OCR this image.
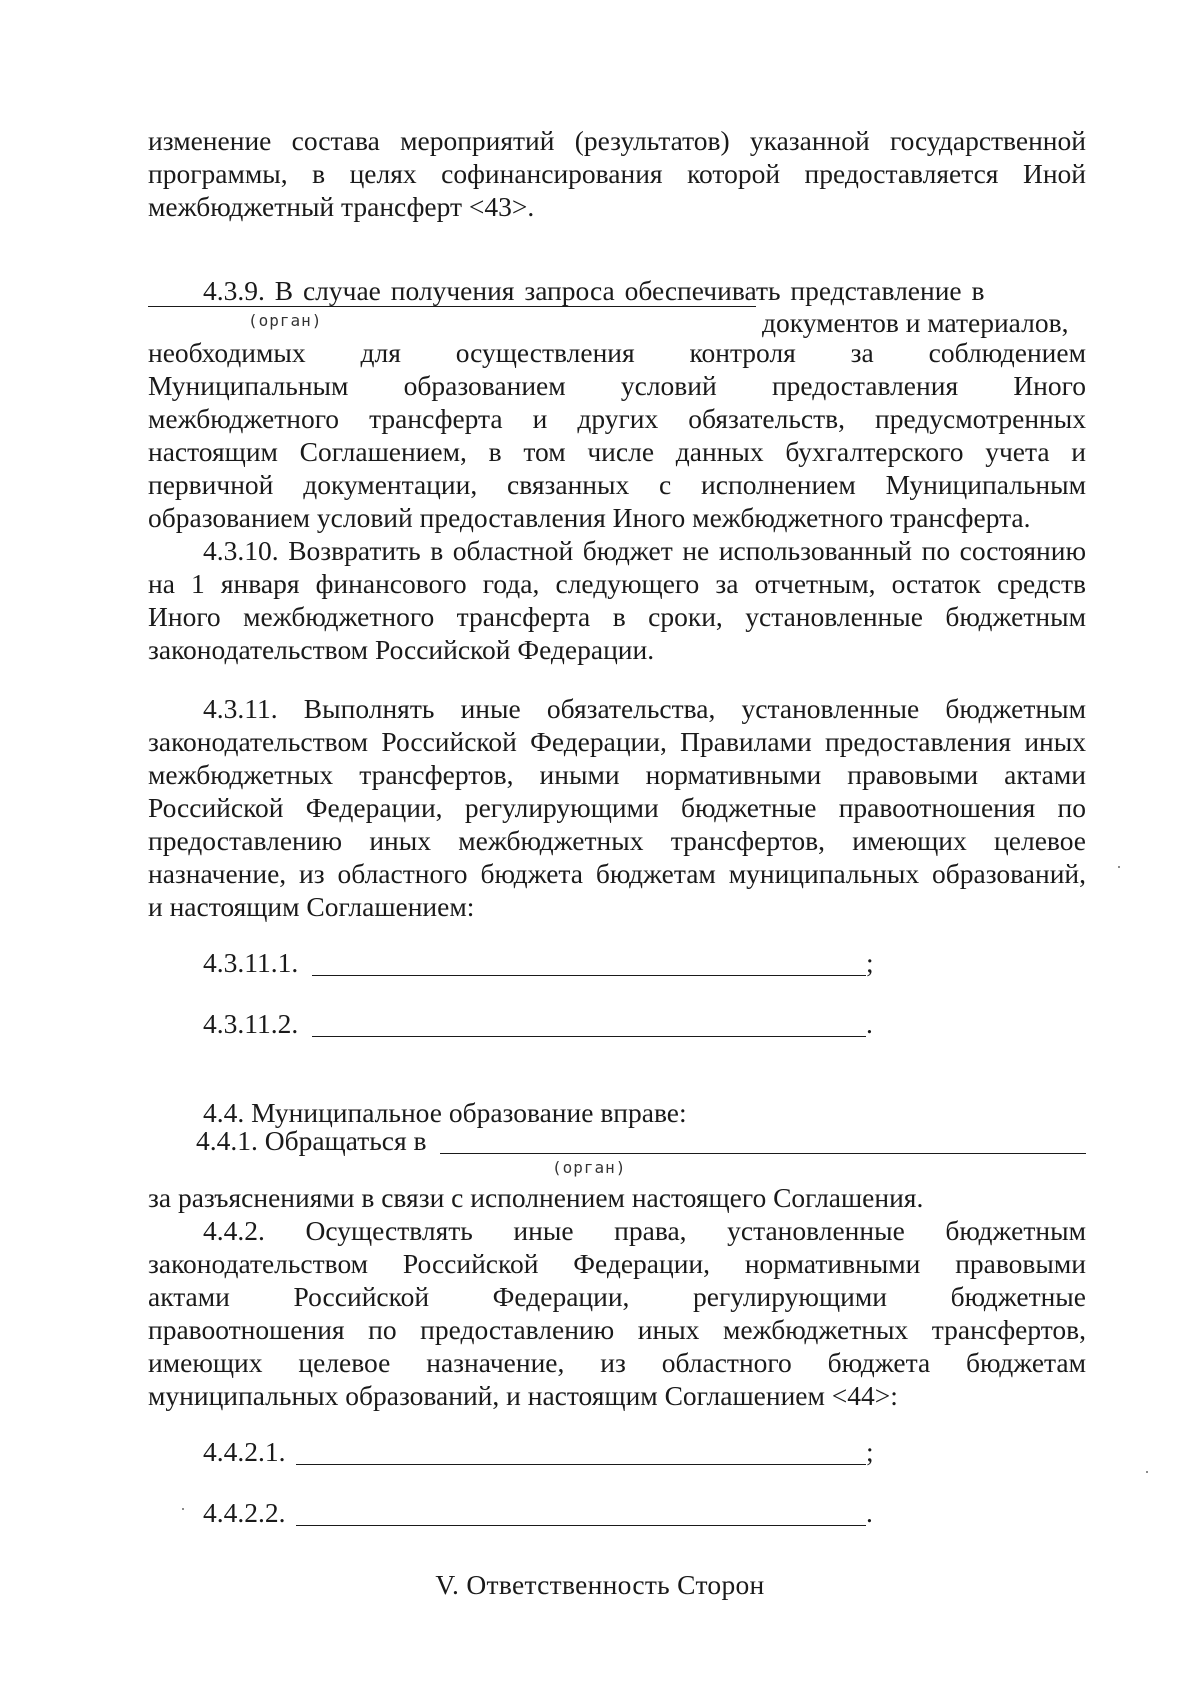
изменение состава мероприятий (результатов) указанной государственной

программы, в целях софинансирования которой предоставляется Иной

межбюджетный трансферт <43>.

4.3.9. В случае получения запроса обеспечивать представление в

документов и материалов,

(орган)

необходимых для осуществления контроля за соблюдением

Муниципальным образованием условий предоставления Иного

межбюджетного трансферта и других обязательств, предусмотренных

настоящим Соглашением, в том числе данных бухгалтерского учета и

первичной документации, связанных с исполнением Муниципальным

образованием условий предоставления Иного межбюджетного трансферта.

4.3.10. Возвратить в областной бюджет не использованный по состоянию

на 1 января финансового года, следующего за отчетным, остаток средств

Иного межбюджетного трансферта в сроки, установленные бюджетным

законодательством Российской Федерации.

4.3.11. Выполнять иные обязательства, установленные бюджетным

законодательством Российской Федерации, Правилами предоставления иных

межбюджетных трансфертов, иными нормативными правовыми актами

Российской Федерации, регулирующими бюджетные правоотношения по

предоставлению иных межбюджетных трансфертов, имеющих целевое

назначение, из областного бюджета бюджетам муниципальных образований,

и настоящим Соглашением:

4.3.11.1.	;
4.3.11.2.	.

4.4. Муниципальное образование вправе:

4.4.1. Обращаться в
(орган)

за разъяснениями в связи с исполнением настоящего Соглашения.

4.4.2. Осуществлять иные права, установленные бюджетным

законодательством Российской Федерации, нормативными правовыми

актами Российской Федерации, регулирующими бюджетные

правоотношения по предоставлению иных межбюджетных трансфертов,

имеющих целевое назначение, из областного бюджета бюджетам

муниципальных образований, и настоящим Соглашением <44>:

4.4.2.1.	;
4.4.2.2.	.

V. Ответственность Сторон
